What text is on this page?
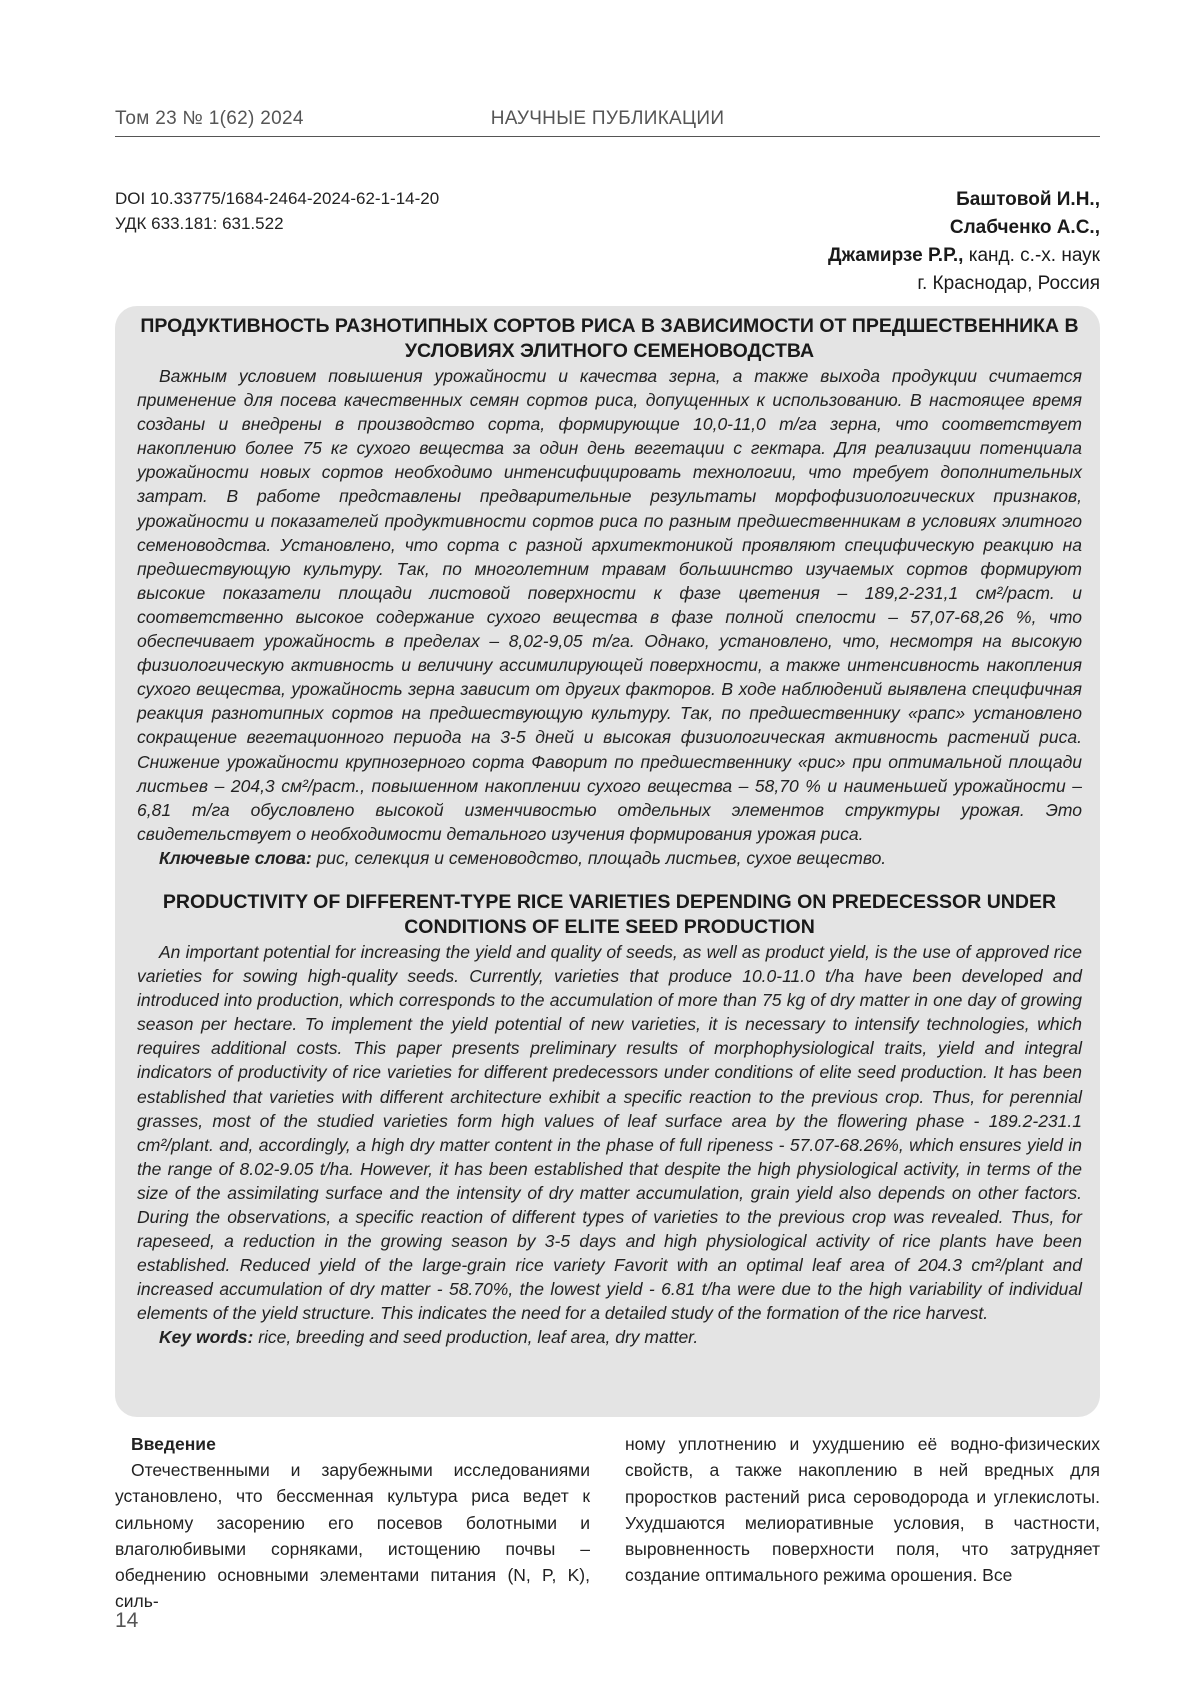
Том 23 № 1(62) 2024	НАУЧНЫЕ ПУБЛИКАЦИИ
DOI 10.33775/1684-2464-2024-62-1-14-20
УДК 633.181: 631.522
Баштовой И.Н.,
Слабченко А.С.,
Джамирзе Р.Р., канд. с.-х. наук
г. Краснодар, Россия
ПРОДУКТИВНОСТЬ РАЗНОТИПНЫХ СОРТОВ РИСА В ЗАВИСИМОСТИ ОТ ПРЕДШЕСТВЕННИКА В УСЛОВИЯХ ЭЛИТНОГО СЕМЕНОВОДСТВА

Важным условием повышения урожайности и качества зерна, а также выхода продукции считается применение для посева качественных семян сортов риса, допущенных к использованию. В настоящее время созданы и внедрены в производство сорта, формирующие 10,0-11,0 т/га зерна, что соответствует накоплению более 75 кг сухого вещества за один день вегетации с гектара. Для реализации потенциала урожайности новых сортов необходимо интенсифицировать технологии, что требует дополнительных затрат. В работе представлены предварительные результаты морфофизиологических признаков, урожайности и показателей продуктивности сортов риса по разным предшественникам в условиях элитного семеноводства. Установлено, что сорта с разной архитектоникой проявляют специфическую реакцию на предшествующую культуру. Так, по многолетним травам большинство изучаемых сортов формируют высокие показатели площади листовой поверхности к фазе цветения – 189,2-231,1 см²/раст. и соответственно высокое содержание сухого вещества в фазе полной спелости – 57,07-68,26 %, что обеспечивает урожайность в пределах – 8,02-9,05 т/га. Однако, установлено, что, несмотря на высокую физиологическую активность и величину ассимилирующей поверхности, а также интенсивность накопления сухого вещества, урожайность зерна зависит от других факторов. В ходе наблюдений выявлена специфичная реакция разнотипных сортов на предшествующую культуру. Так, по предшественнику «рапс» установлено сокращение вегетационного периода на 3-5 дней и высокая физиологическая активность растений риса. Снижение урожайности крупнозерного сорта Фаворит по предшественнику «рис» при оптимальной площади листьев – 204,3 см²/раст., повышенном накоплении сухого вещества – 58,70 % и наименьшей урожайности – 6,81 т/га обусловлено высокой изменчивостью отдельных элементов структуры урожая. Это свидетельствует о необходимости детального изучения формирования урожая риса.

Ключевые слова: рис, селекция и семеноводство, площадь листьев, сухое вещество.

PRODUCTIVITY OF DIFFERENT-TYPE RICE VARIETIES DEPENDING ON PREDECESSOR UNDER CONDITIONS OF ELITE SEED PRODUCTION

An important potential for increasing the yield and quality of seeds, as well as product yield, is the use of approved rice varieties for sowing high-quality seeds. Currently, varieties that produce 10.0-11.0 t/ha have been developed and introduced into production, which corresponds to the accumulation of more than 75 kg of dry matter in one day of growing season per hectare. To implement the yield potential of new varieties, it is necessary to intensify technologies, which requires additional costs. This paper presents preliminary results of morphophysiological traits, yield and integral indicators of productivity of rice varieties for different predecessors under conditions of elite seed production. It has been established that varieties with different architecture exhibit a specific reaction to the previous crop. Thus, for perennial grasses, most of the studied varieties form high values of leaf surface area by the flowering phase - 189.2-231.1 cm²/plant. and, accordingly, a high dry matter content in the phase of full ripeness - 57.07-68.26%, which ensures yield in the range of 8.02-9.05 t/ha. However, it has been established that despite the high physiological activity, in terms of the size of the assimilating surface and the intensity of dry matter accumulation, grain yield also depends on other factors. During the observations, a specific reaction of different types of varieties to the previous crop was revealed. Thus, for rapeseed, a reduction in the growing season by 3-5 days and high physiological activity of rice plants have been established. Reduced yield of the large-grain rice variety Favorit with an optimal leaf area of 204.3 cm²/plant and increased accumulation of dry matter - 58.70%, the lowest yield - 6.81 t/ha were due to the high variability of individual elements of the yield structure. This indicates the need for a detailed study of the formation of the rice harvest.

Key words: rice, breeding and seed production, leaf area, dry matter.

Введение

Отечественными и зарубежными исследованиями установлено, что бессменная культура риса ведет к сильному засорению его посевов болотными и влаголюбивыми сорняками, истощению почвы – обеднению основными элементами питания (N, P, K), силь-

ному уплотнению и ухудшению её водно-физических свойств, а также накоплению в ней вредных для проростков растений риса сероводорода и углекислоты. Ухудшаются мелиоративные условия, в частности, выровненность поверхности поля, что затрудняет создание оптимального режима орошения. Все

14
